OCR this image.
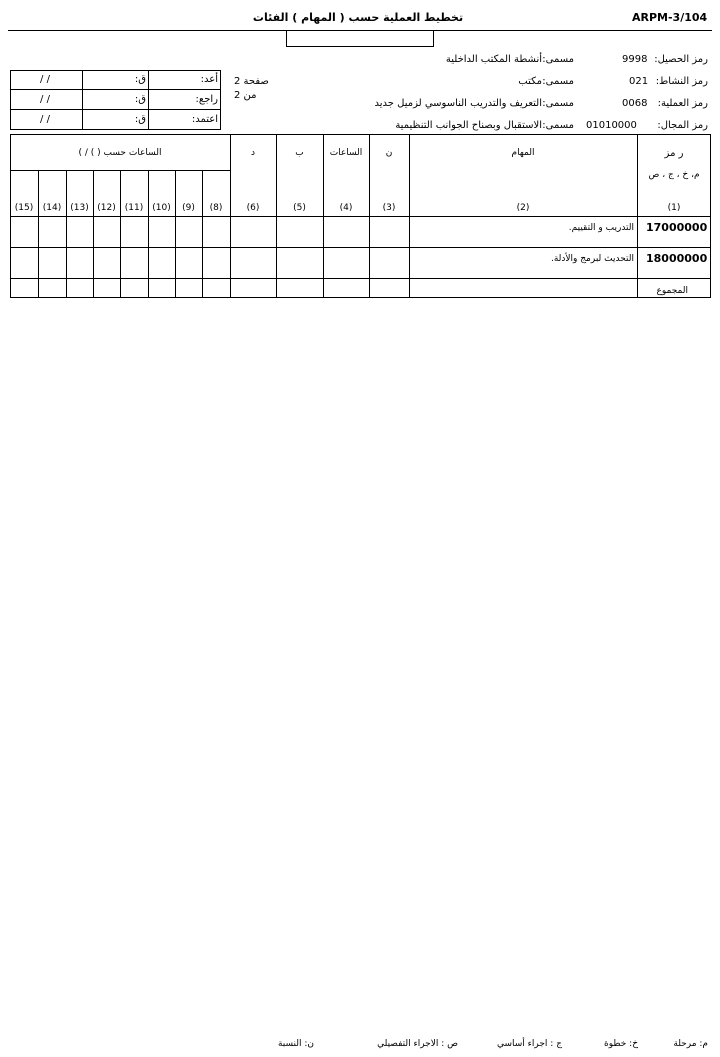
ARPM-3/104
تخطيط العملية حسب ( المهام ) الفئات
رمز الحصيل:
9998
مسمى:
أنشطة المكتب الداخلية
رمز النشاط:
021
مسمى:
مكتب
رمز العملية:
0068
مسمى:
التعريف والتدريب الناسوسي لزميل جديد
رمز المجال:
01010000
مسمى:
الاستقبال وبصناح الجوانب التنظيمية
صفحة 2
من 2
أعد:
ق:
/ /
راجع:
ق:
/ /
اعتمد:
ق:
/ /
ر مز
م، خ ، ج ، ص
المهام
ن
الساعات
ب
د
الساعات حسب ( ) / )
(1)
(2)
(3)
(4)
(5)
(6)
(8)
(9)
(10)
(11)
(12)
(13)
(14)
(15)
17000000
التدريب و التقييم.
18000000
التحديث لبرمج والأدلة.
المجموع
م: مرحلة
خ: خطوة
ج : اجراء أساسي
ص : الاجراء التفصيلي
ن: النسبة
